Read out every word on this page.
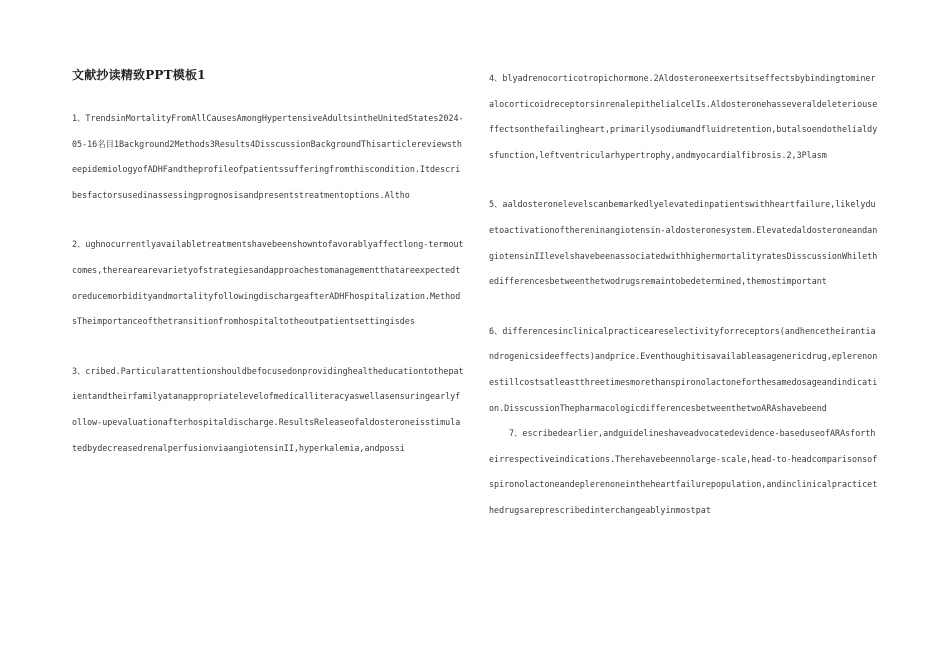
文献抄读精致PPT模板1
1、TrendsinMortalityFromAllCausesAmongHypertensiveAdultsintheUnitedStates2024-05-16名目1Background2Methods3Results4DisscussionBackgroundThisarticlereviewstheepidemiologyofADHFandtheprofileofpatientssufferingfromthiscondition.Itdescribesfactorsusedinassessingprognosisandpresentstreatmentoptions.Altho
2、ughnocurrentlyavailabletreatmentshavebeenshowntofavorablyaffectlong-termoutcomes,therearearevarietyofstrategiesandapproachestomanagementthatareexpectedtoreducemorbidityandmortalityfollowingdischargeafterADHFhospitalization.MethodsTheimportanceofthetransitionfromhospitaltotheoutpatientsettingisdes
3、cribed.Particularattentionshouldbefocusedonprovidinghealtheducationtothepatientandtheirfamilyatanappropriatelevelofmedicalliteracyaswellasensuringearlyfollow-upevaluationafterhospitaldischarge.ResultsReleaseofaldosteroneisstimulatedbydecreasedrenalperfusionviaangiotensinII,hyperkalemia,andpossi
4、blyadrenocorticotropichormone.2AldosteroneexertsitseffectsbybindingtomineralocorticoidreceptorsinrenalepithelialcelIs.Aldosteronehasseveraldeleteriouseffectsonthefailingheart,primarilysodiumandfluidretention,butalsoendothelialdysfunction,leftventricularhypertrophy,andmyocardialfibrosis.2,3Plasm
5、aaldosteronelevelscanbemarkedlyelevatedinpatientswithheartfailure,likelyduetoactivationofthereninangiotensin-aldosteronesystem.ElevatedaldosteroneandangiotensinIIlevelshavebeenassociatedwithhighermortalityratesDisscussionWhilethedifferencesbetweenthetwodrugsremaintobedetermined,themostimportant
6、differencesinclinicalpracticeareselectivityforreceptors(andhencetheirantiandrogenicsideeffects)andprice.Eventhoughitisavailableasagenericdrug,eplerenonestillcostsatleastthreetimesmorethanspironolactoneforthesamedosageandindication.DisscussionThepharmacologicdifferencesbetweenthetwoARAshavebeend
7、escribedearlier,andguidelineshaveadvocatedevidence-baseduseofARAsfortheirrespectiveindications.Therehavebeennolarge-scale,head-to-headcomparisonsofspironolactoneandeplerenoneintheheartfailurepopulation,andinclinicalpracticethedrugsareprescribedinterchangeablyinmostpat
